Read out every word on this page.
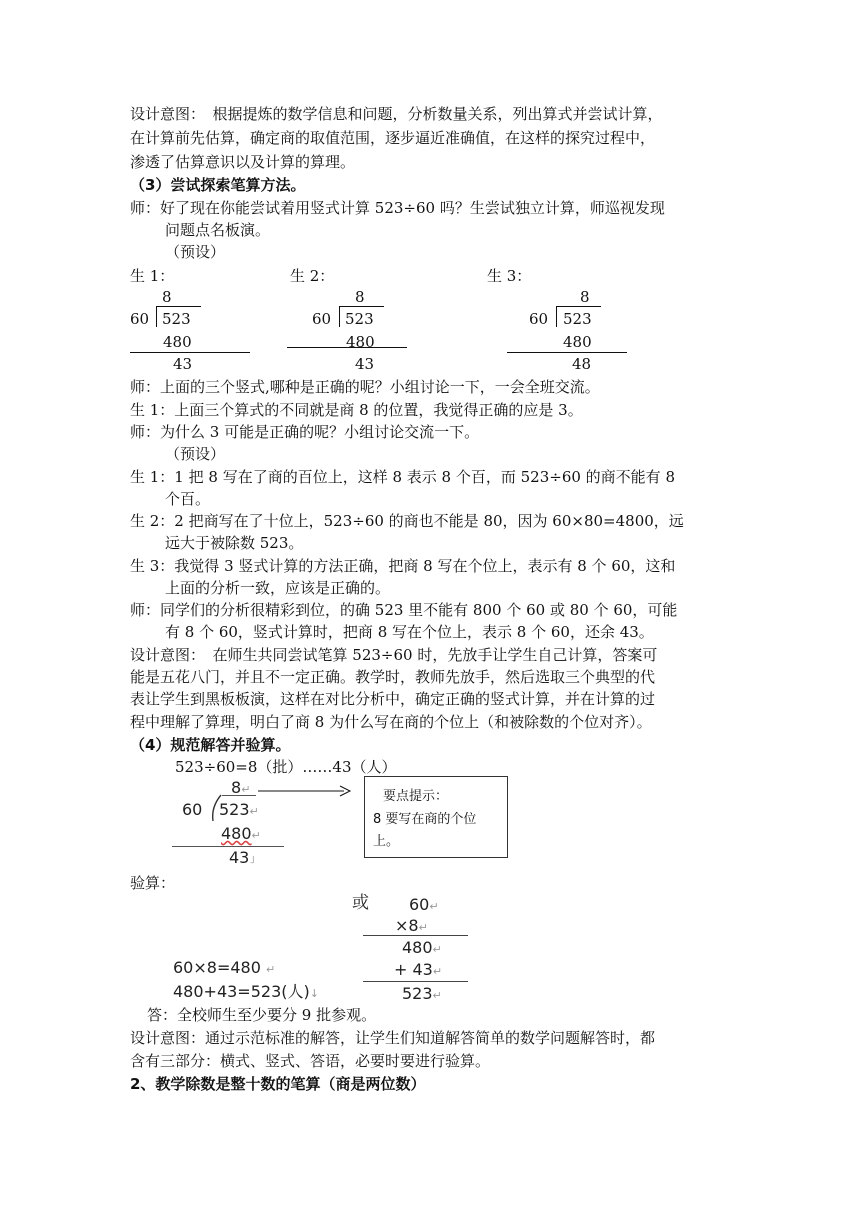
设计意图：　根据提炼的数学信息和问题，分析数量关系，列出算式并尝试计算，
在计算前先估算，确定商的取值范围，逐步逼近准确值，在这样的探究过程中，
渗透了估算意识以及计算的算理。
（3）尝试探索笔算方法。
师：好了现在你能尝试着用竖式计算 523÷60 吗？生尝试独立计算，师巡视发现
问题点名板演。
（预设）
生 1：	生 2：	生 3：
8
60 523
480
43
8
60 523
480
43
8
60 523
480
48
师：上面的三个竖式,哪种是正确的呢？小组讨论一下，一会全班交流。
生 1：上面三个算式的不同就是商 8 的位置，我觉得正确的应是 3。
师：为什么 3 可能是正确的呢？小组讨论交流一下。
（预设）
生 1：1 把 8 写在了商的百位上，这样 8 表示 8 个百，而 523÷60 的商不能有 8
个百。
生 2：2 把商写在了十位上，523÷60 的商也不能是 80，因为 60×80=4800，远
远大于被除数 523。
生 3：我觉得 3 竖式计算的方法正确，把商 8 写在个位上，表示有 8 个 60，这和
上面的分析一致，应该是正确的。
师：同学们的分析很精彩到位，的确 523 里不能有 800 个 60 或 80 个 60，可能
有 8 个 60，竖式计算时，把商 8 写在个位上，表示 8 个 60，还余 43。
设计意图：　在师生共同尝试笔算 523÷60 时，先放手让学生自己计算，答案可
能是五花八门，并且不一定正确。教学时，教师先放手，然后选取三个典型的代
表让学生到黑板板演，这样在对比分析中，确定正确的竖式计算，并在计算的过
程中理解了算理，明白了商 8 为什么写在商的个位上（和被除数的个位对齐）。
（4）规范解答并验算。
523÷60=8（批）……43（人）
8↵
60 523↵
480↵
43˩
要点提示：
8 要写在商的个位
上。
验算：
或	60↵
×8↵
480↵
+ 43↵
523↵
60×8=480 ↵
480+43=523(人)↓
答：全校师生至少要分 9 批参观。
设计意图：通过示范标准的解答，让学生们知道解答简单的数学问题解答时，都
含有三部分：横式、竖式、答语，必要时要进行验算。
2、教学除数是整十数的笔算（商是两位数）
